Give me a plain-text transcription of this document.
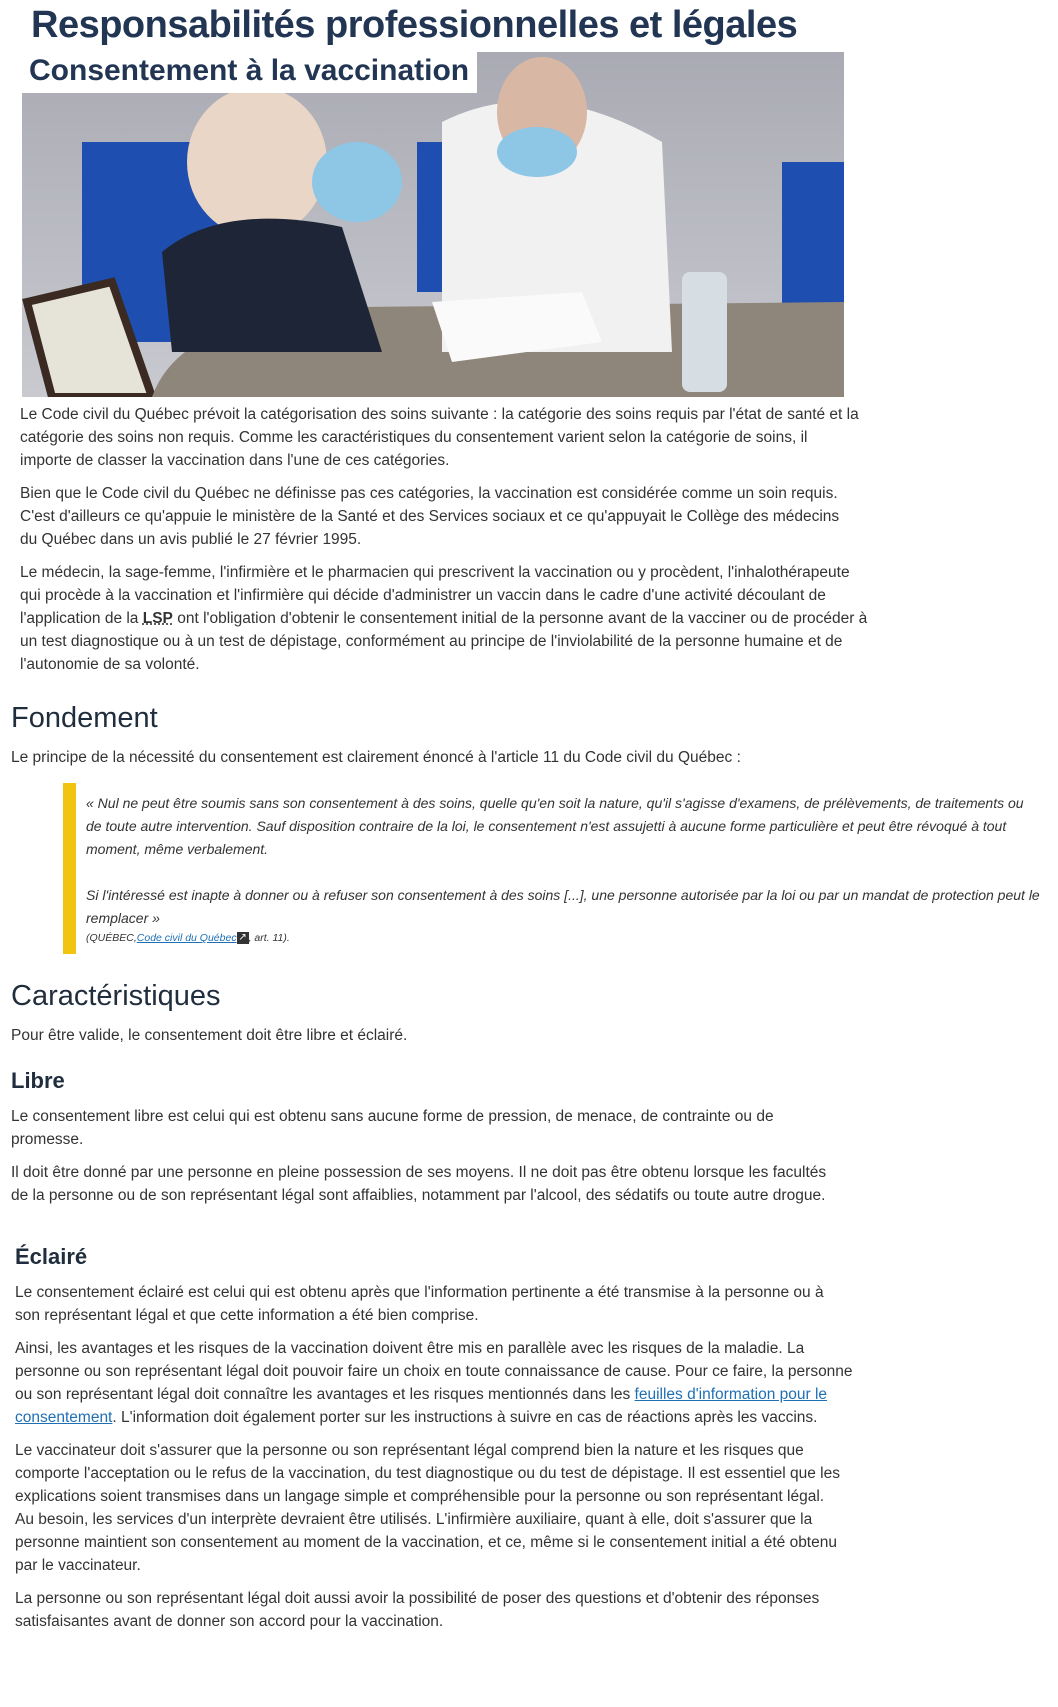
Responsabilités professionnelles et légales
Consentement à la vaccination

Le Code civil du Québec prévoit la catégorisation des soins suivante : la catégorie des soins requis par l'état de santé et la catégorie des soins non requis. Comme les caractéristiques du consentement varient selon la catégorie de soins, il importe de classer la vaccination dans l'une de ces catégories.

Bien que le Code civil du Québec ne définisse pas ces catégories, la vaccination est considérée comme un soin requis. C'est d'ailleurs ce qu'appuie le ministère de la Santé et des Services sociaux et ce qu'appuyait le Collège des médecins du Québec dans un avis publié le 27 février 1995.

Le médecin, la sage-femme, l'infirmière et le pharmacien qui prescrivent la vaccination ou y procèdent, l'inhalothérapeute qui procède à la vaccination et l'infirmière qui décide d'administrer un vaccin dans le cadre d'une activité découlant de l'application de la LSP ont l'obligation d'obtenir le consentement initial de la personne avant de la vacciner ou de procéder à un test diagnostique ou à un test de dépistage, conformément au principe de l'inviolabilité de la personne humaine et de l'autonomie de sa volonté.

Fondement

Le principe de la nécessité du consentement est clairement énoncé à l'article 11 du Code civil du Québec :

« Nul ne peut être soumis sans son consentement à des soins, quelle qu'en soit la nature, qu'il s'agisse d'examens, de prélèvements, de traitements ou de toute autre intervention. Sauf disposition contraire de la loi, le consentement n'est assujetti à aucune forme particulière et peut être révoqué à tout moment, même verbalement.

Si l'intéressé est inapte à donner ou à refuser son consentement à des soins [...], une personne autorisée par la loi ou par un mandat de protection peut le remplacer »

(QUÉBEC,Code civil du Québec ↗ , art. 11).

Caractéristiques

Pour être valide, le consentement doit être libre et éclairé.

Libre

Le consentement libre est celui qui est obtenu sans aucune forme de pression, de menace, de contrainte ou de promesse.

Il doit être donné par une personne en pleine possession de ses moyens. Il ne doit pas être obtenu lorsque les facultés de la personne ou de son représentant légal sont affaiblies, notamment par l'alcool, des sédatifs ou toute autre drogue.

Éclairé

Le consentement éclairé est celui qui est obtenu après que l'information pertinente a été transmise à la personne ou à son représentant légal et que cette information a été bien comprise.

Ainsi, les avantages et les risques de la vaccination doivent être mis en parallèle avec les risques de la maladie. La personne ou son représentant légal doit pouvoir faire un choix en toute connaissance de cause. Pour ce faire, la personne ou son représentant légal doit connaître les avantages et les risques mentionnés dans les feuilles d'information pour le consentement. L'information doit également porter sur les instructions à suivre en cas de réactions après les vaccins.

Le vaccinateur doit s'assurer que la personne ou son représentant légal comprend bien la nature et les risques que comporte l'acceptation ou le refus de la vaccination, du test diagnostique ou du test de dépistage. Il est essentiel que les explications soient transmises dans un langage simple et compréhensible pour la personne ou son représentant légal. Au besoin, les services d'un interprète devraient être utilisés. L'infirmière auxiliaire, quant à elle, doit s'assurer que la personne maintient son consentement au moment de la vaccination, et ce, même si le consentement initial a été obtenu par le vaccinateur.

La personne ou son représentant légal doit aussi avoir la possibilité de poser des questions et d'obtenir des réponses satisfaisantes avant de donner son accord pour la vaccination.
